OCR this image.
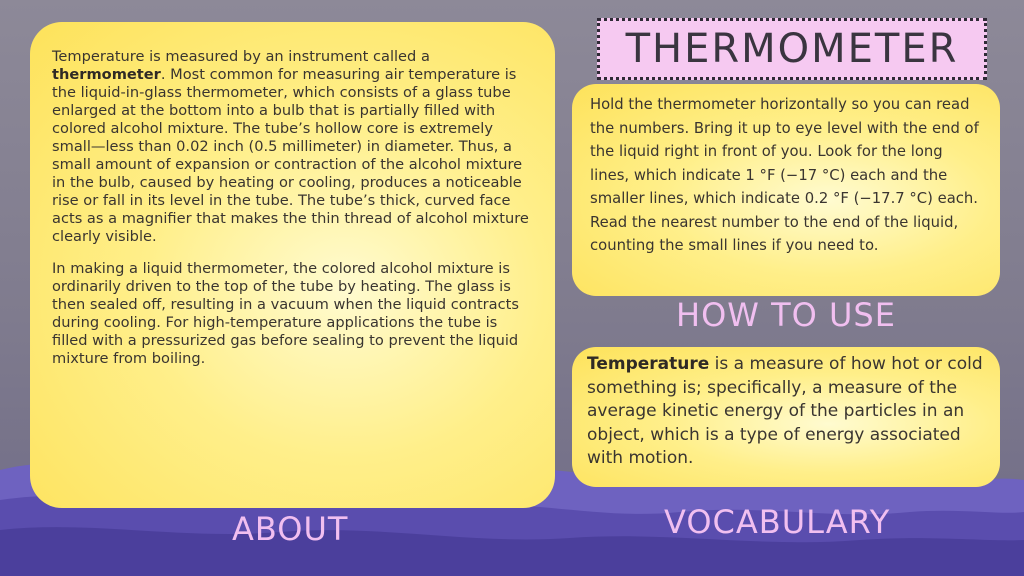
Temperature is measured by an instrument called a thermometer. Most common for measuring air temperature is the liquid-in-glass thermometer, which consists of a glass tube enlarged at the bottom into a bulb that is partially filled with colored alcohol mixture. The tube’s hollow core is extremely small—less than 0.02 inch (0.5 millimeter) in diameter. Thus, a small amount of expansion or contraction of the alcohol mixture in the bulb, caused by heating or cooling, produces a noticeable rise or fall in its level in the tube. The tube’s thick, curved face acts as a magnifier that makes the thin thread of alcohol mixture clearly visible.

In making a liquid thermometer, the colored alcohol mixture is ordinarily driven to the top of the tube by heating. The glass is then sealed off, resulting in a vacuum when the liquid contracts during cooling. For high-temperature applications the tube is filled with a pressurized gas before sealing to prevent the liquid mixture from boiling.

THERMOMETER
Hold the thermometer horizontally so you can read the numbers. Bring it up to eye level with the end of the liquid right in front of you. Look for the long lines, which indicate 1 °F (−17 °C) each and the smaller lines, which indicate 0.2 °F (−17.7 °C) each. Read the nearest number to the end of the liquid, counting the small lines if you need to.
HOW TO USE
Temperature is a measure of how hot or cold something is; specifically, a measure of the average kinetic energy of the particles in an object, which is a type of energy associated with motion.
ABOUT	VOCABULARY
